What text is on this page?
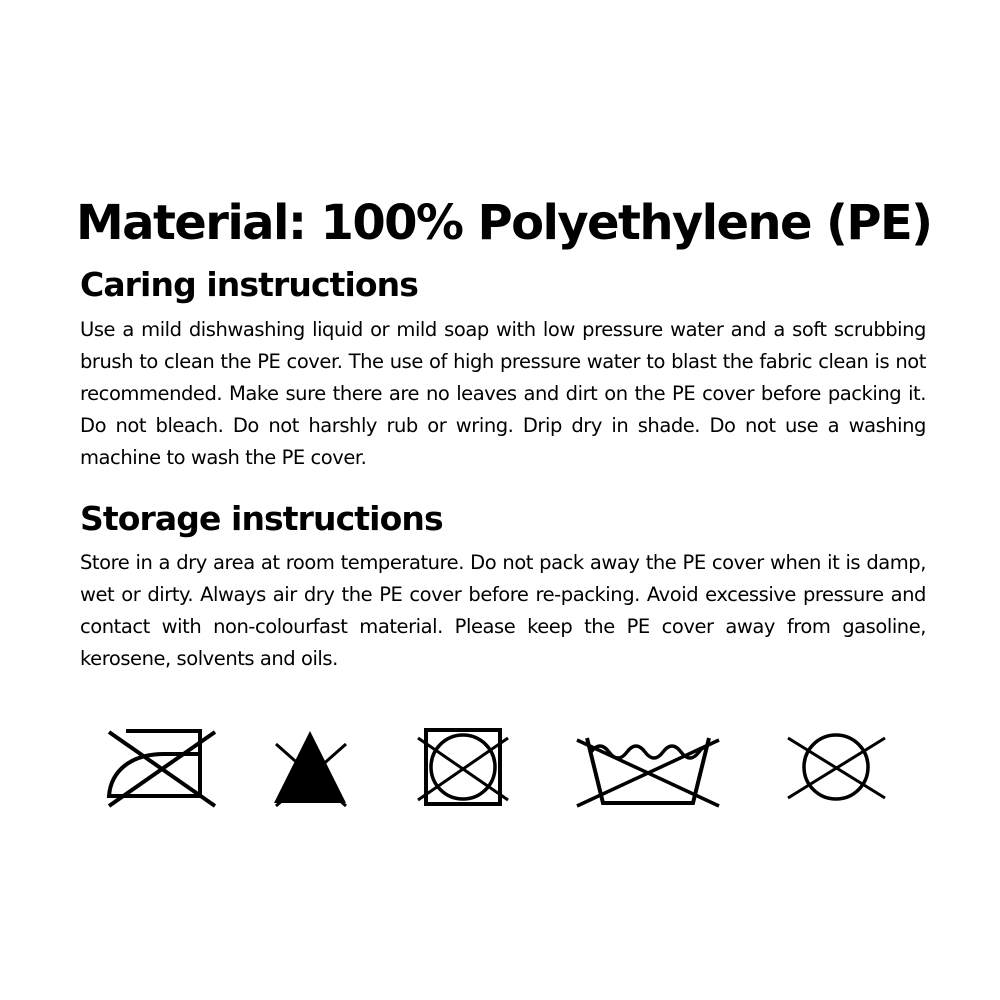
Material: 100% Polyethylene (PE)
Caring instructions
Use a mild dishwashing liquid or mild soap with low pressure water and a soft scrubbing
brush to clean the PE cover. The use of high pressure water to blast the fabric clean is not
recommended. Make sure there are no leaves and dirt on the PE cover before packing it.
Do not bleach. Do not harshly rub or wring. Drip dry in shade. Do not use a washing
machine to wash the PE cover.
Storage instructions
Store in a dry area at room temperature. Do not pack away the PE cover when it is damp,
wet or dirty. Always air dry the PE cover before re-packing. Avoid excessive pressure and
contact with non-colourfast material. Please keep the PE cover away from gasoline,
kerosene, solvents and oils.
